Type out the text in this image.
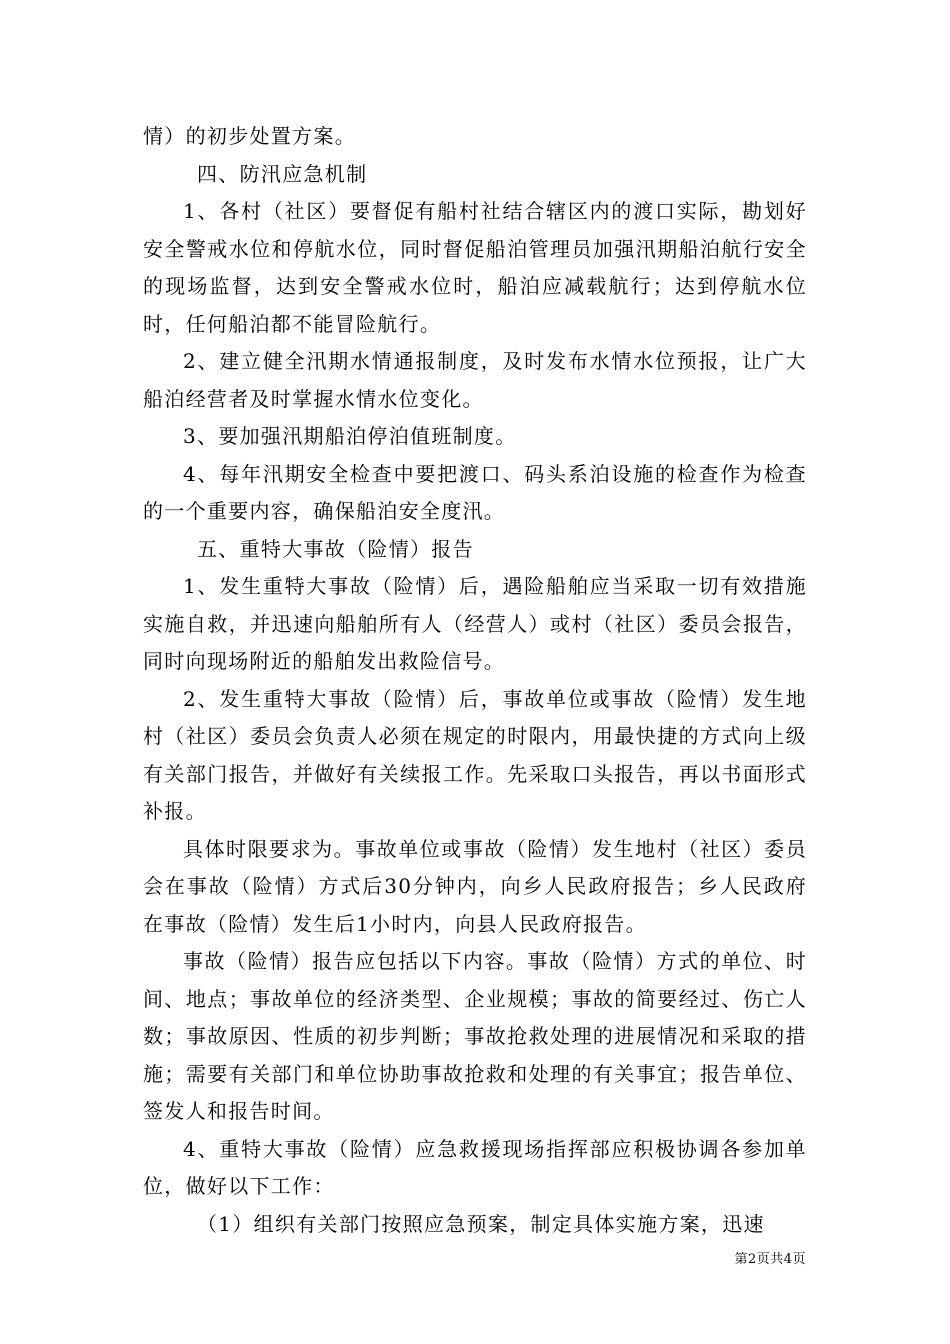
情）的初步处置方案。

四、防汛应急机制

1、各村（社区）要督促有船村社结合辖区内的渡口实际，勘划好安全警戒水位和停航水位，同时督促船泊管理员加强汛期船泊航行安全的现场监督，达到安全警戒水位时，船泊应减载航行；达到停航水位时，任何船泊都不能冒险航行。

2、建立健全汛期水情通报制度，及时发布水情水位预报，让广大船泊经营者及时掌握水情水位变化。

3、要加强汛期船泊停泊值班制度。

4、每年汛期安全检查中要把渡口、码头系泊设施的检查作为检查的一个重要内容，确保船泊安全度汛。

五、重特大事故（险情）报告

1、发生重特大事故（险情）后，遇险船舶应当采取一切有效措施实施自救，并迅速向船舶所有人（经营人）或村（社区）委员会报告，同时向现场附近的船舶发出救险信号。

2、发生重特大事故（险情）后，事故单位或事故（险情）发生地村（社区）委员会负责人必须在规定的时限内，用最快捷的方式向上级有关部门报告，并做好有关续报工作。先采取口头报告，再以书面形式补报。

具体时限要求为。事故单位或事故（险情）发生地村（社区）委员会在事故（险情）方式后30分钟内，向乡人民政府报告；乡人民政府在事故（险情）发生后1小时内，向县人民政府报告。

事故（险情）报告应包括以下内容。事故（险情）方式的单位、时间、地点；事故单位的经济类型、企业规模；事故的简要经过、伤亡人数；事故原因、性质的初步判断；事故抢救处理的进展情况和采取的措施；需要有关部门和单位协助事故抢救和处理的有关事宜；报告单位、签发人和报告时间。

4、重特大事故（险情）应急救援现场指挥部应积极协调各参加单位，做好以下工作：

（1）组织有关部门按照应急预案，制定具体实施方案，迅速

第2页共4页
